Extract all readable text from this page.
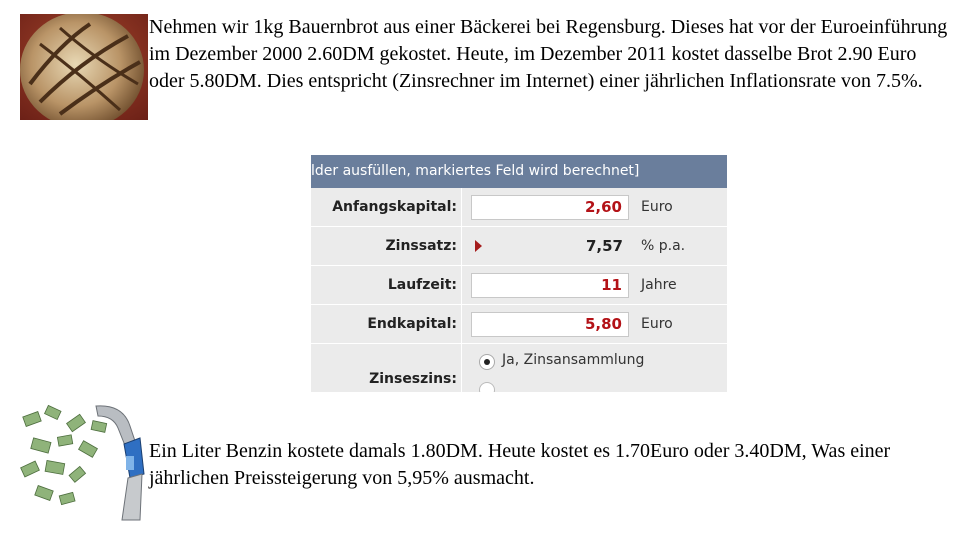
Nehmen wir 1kg Bauernbrot aus einer Bäckerei bei Regensburg. Dieses hat vor der Euroeinführung im Dezember 2000 2.60DM gekostet. Heute, im Dezember 2011 kostet dasselbe Brot 2.90 Euro oder 5.80DM. Dies entspricht (Zinsrechner im Internet) einer jährlichen Inflationsrate von 7.5%.

lder ausfüllen, markiertes Feld wird berechnet]
Anfangskapital:	2,60	Euro
Zinssatz:	7,57	% p.a.
Laufzeit:	11	Jahre
Endkapital:	5,80	Euro
Zinseszins:
Ja, Zinsansammlung

Ein Liter Benzin kostete damals 1.80DM. Heute kostet es 1.70Euro oder 3.40DM, Was einer jährlichen Preissteigerung von 5,95% ausmacht.
